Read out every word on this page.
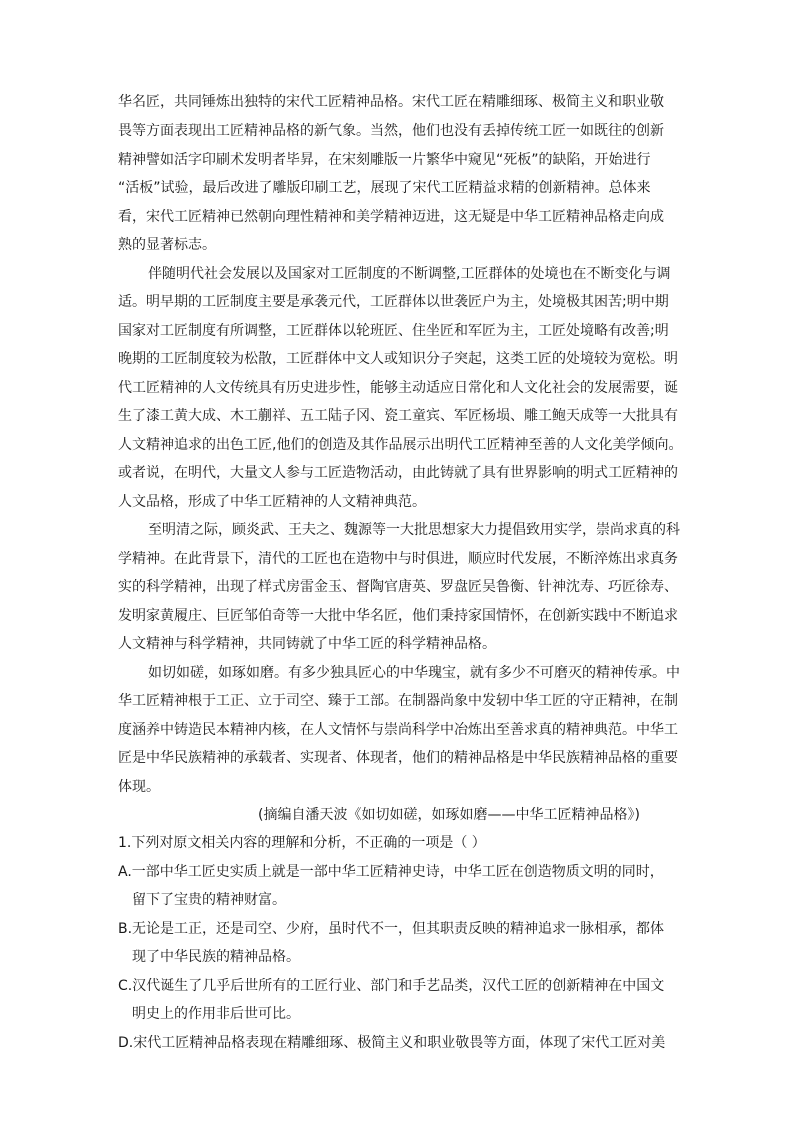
华名匠，共同锤炼出独特的宋代工匠精神品格。宋代工匠在精雕细琢、极简主义和职业敬
畏等方面表现出工匠精神品格的新气象。当然，他们也没有丢掉传统工匠一如既往的创新
精神譬如活字印刷术发明者毕昇，在宋刻雕版一片繁华中窥见“死板”的缺陷，开始进行
“活板”试验，最后改进了雕版印刷工艺，展现了宋代工匠精益求精的创新精神。总体来
看，宋代工匠精神已然朝向理性精神和美学精神迈进，这无疑是中华工匠精神品格走向成
熟的显著标志。
伴随明代社会发展以及国家对工匠制度的不断调整,工匠群体的处境也在不断变化与调
适。明早期的工匠制度主要是承袭元代，工匠群体以世袭匠户为主，处境极其困苦;明中期
国家对工匠制度有所调整，工匠群体以轮班匠、住坐匠和军匠为主，工匠处境略有改善;明
晚期的工匠制度较为松散，工匠群体中文人或知识分子突起，这类工匠的处境较为宽松。明
代工匠精神的人文传统具有历史进步性，能够主动适应日常化和人文化社会的发展需要，诞
生了漆工黄大成、木工蒯祥、五工陆子冈、瓷工童宾、军匠杨埙、雕工鲍天成等一大批具有
人文精神追求的出色工匠,他们的创造及其作品展示出明代工匠精神至善的人文化美学倾向。
或者说，在明代，大量文人参与工匠造物活动，由此铸就了具有世界影响的明式工匠精神的
人文品格，形成了中华工匠精神的人文精神典范。
至明清之际，顾炎武、王夫之、魏源等一大批思想家大力提倡致用实学，崇尚求真的科
学精神。在此背景下，清代的工匠也在造物中与时俱进，顺应时代发展，不断淬炼出求真务
实的科学精神，出现了样式房雷金玉、督陶官唐英、罗盘匠吴鲁衡、针神沈寿、巧匠徐寿、
发明家黄履庄、巨匠邹伯奇等一大批中华名匠，他们秉持家国情怀，在创新实践中不断追求
人文精神与科学精神，共同铸就了中华工匠的科学精神品格。
如切如磋，如琢如磨。有多少独具匠心的中华瑰宝，就有多少不可磨灭的精神传承。中
华工匠精神根于工正、立于司空、臻于工部。在制器尚象中发轫中华工匠的守正精神，在制
度涵养中铸造民本精神内核，在人文情怀与崇尚科学中冶炼出至善求真的精神典范。中华工
匠是中华民族精神的承载者、实现者、体现者，他们的精神品格是中华民族精神品格的重要
体现。
(摘编自潘天波《如切如磋，如琢如磨——中华工匠精神品格》)
1.下列对原文相关内容的理解和分析，不正确的一项是（ ）
A.一部中华工匠史实质上就是一部中华工匠精神史诗，中华工匠在创造物质文明的同时，
留下了宝贵的精神财富。
B.无论是工正，还是司空、少府，虽时代不一，但其职责反映的精神追求一脉相承，都体
现了中华民族的精神品格。
C.汉代诞生了几乎后世所有的工匠行业、部门和手艺品类，汉代工匠的创新精神在中国文
明史上的作用非后世可比。
D.宋代工匠精神品格表现在精雕细琢、极简主义和职业敬畏等方面，体现了宋代工匠对美
